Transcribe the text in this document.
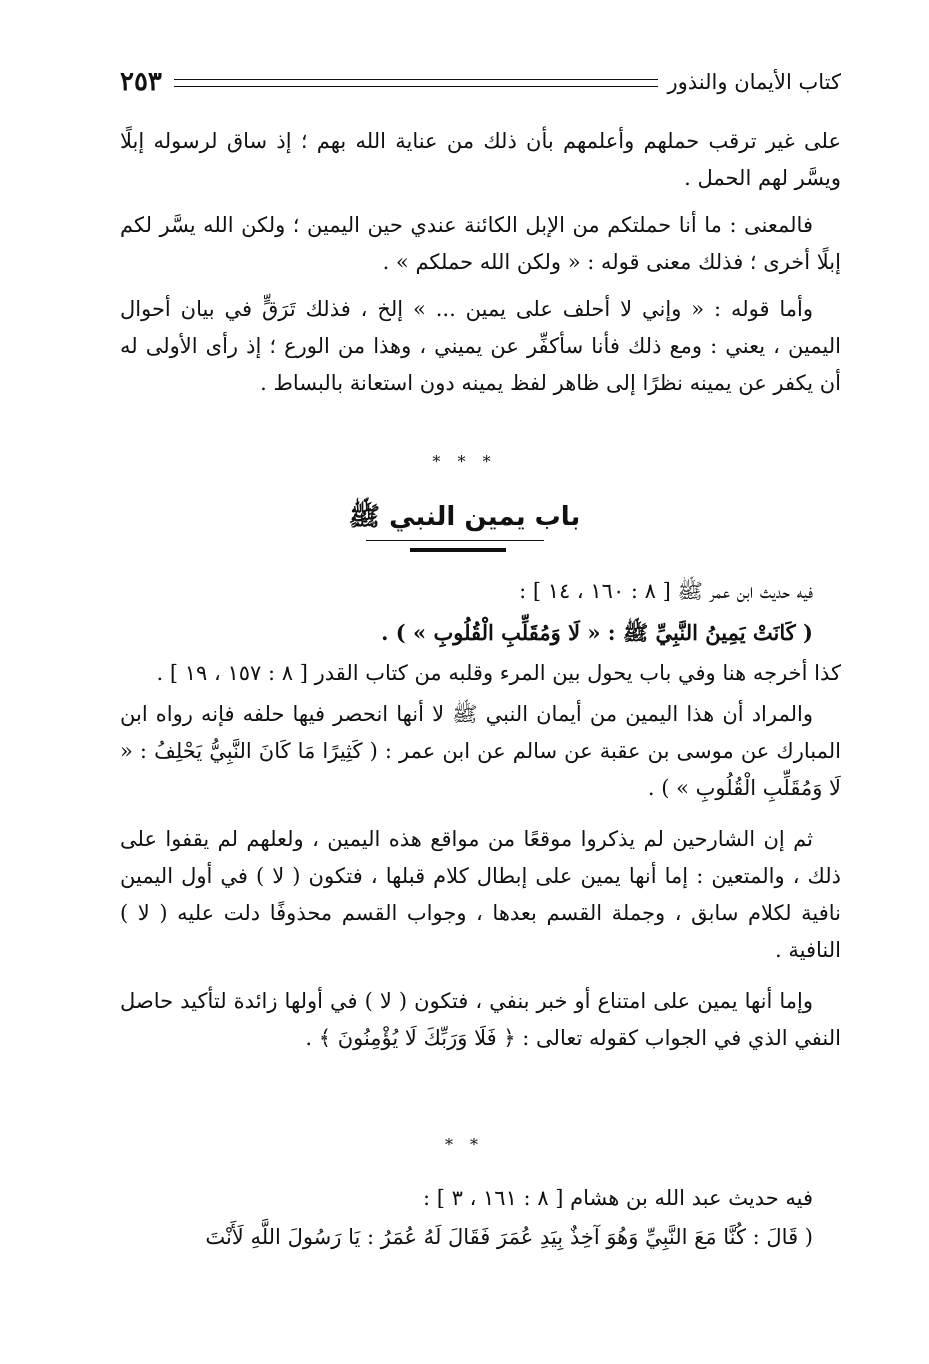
كتاب الأيمان والنذور
٢٥٣

على غير ترقب حملهم وأعلمهم بأن ذلك من عناية الله بهم ؛ إذ ساق لرسوله إبلًا ويسَّر لهم الحمل .

فالمعنى : ما أنا حملتكم من الإبل الكائنة عندي حين اليمين ؛ ولكن الله يسَّر لكم إبلًا أخرى ؛ فذلك معنى قوله : « ولكن الله حملكم » .

وأما قوله : « وإني لا أحلف على يمين ... » إلخ ، فذلك تَرَقٍّ في بيان أحوال اليمين ، يعني : ومع ذلك فأنا سأكفِّر عن يميني ، وهذا من الورع ؛ إذ رأى الأولى له أن يكفر عن يمينه نظرًا إلى ظاهر لفظ يمينه دون استعانة بالبساط .

* * *
باب يمين النبي ﷺ

فيه حديث ابن عمر ﷺ [ ٨ : ١٦٠ ، ١٤ ] :

( كَانَتْ يَمِينُ النَّبِيِّ ﷺ : « لَا وَمُقَلِّبِ الْقُلُوبِ » ) .

كذا أخرجه هنا وفي باب يحول بين المرء وقلبه من كتاب القدر [ ٨ : ١٥٧ ، ١٩ ] .

والمراد أن هذا اليمين من أيمان النبي ﷺ لا أنها انحصر فيها حلفه فإنه رواه ابن المبارك عن موسى بن عقبة عن سالم عن ابن عمر : ( كَثِيرًا مَا كَانَ النَّبِيُّ يَحْلِفُ : « لَا وَمُقَلِّبِ الْقُلُوبِ » ) .

ثم إن الشارحين لم يذكروا موقعًا من مواقع هذه اليمين ، ولعلهم لم يقفوا على ذلك ، والمتعين : إما أنها يمين على إبطال كلام قبلها ، فتكون ( لا ) في أول اليمين نافية لكلام سابق ، وجملة القسم بعدها ، وجواب القسم محذوفًا دلت عليه ( لا ) النافية .

وإما أنها يمين على امتناع أو خبر بنفي ، فتكون ( لا ) في أولها زائدة لتأكيد حاصل النفي الذي في الجواب كقوله تعالى : ﴿ فَلَا وَرَبِّكَ لَا يُؤْمِنُونَ ﴾ .

* *

فيه حديث عبد الله بن هشام [ ٨ : ١٦١ ، ٣ ] :

( قَالَ : كُنَّا مَعَ النَّبِيِّ وَهُوَ آخِذٌ بِيَدِ عُمَرَ فَقَالَ لَهُ عُمَرُ : يَا رَسُولَ اللَّهِ لَأَنْتَ
